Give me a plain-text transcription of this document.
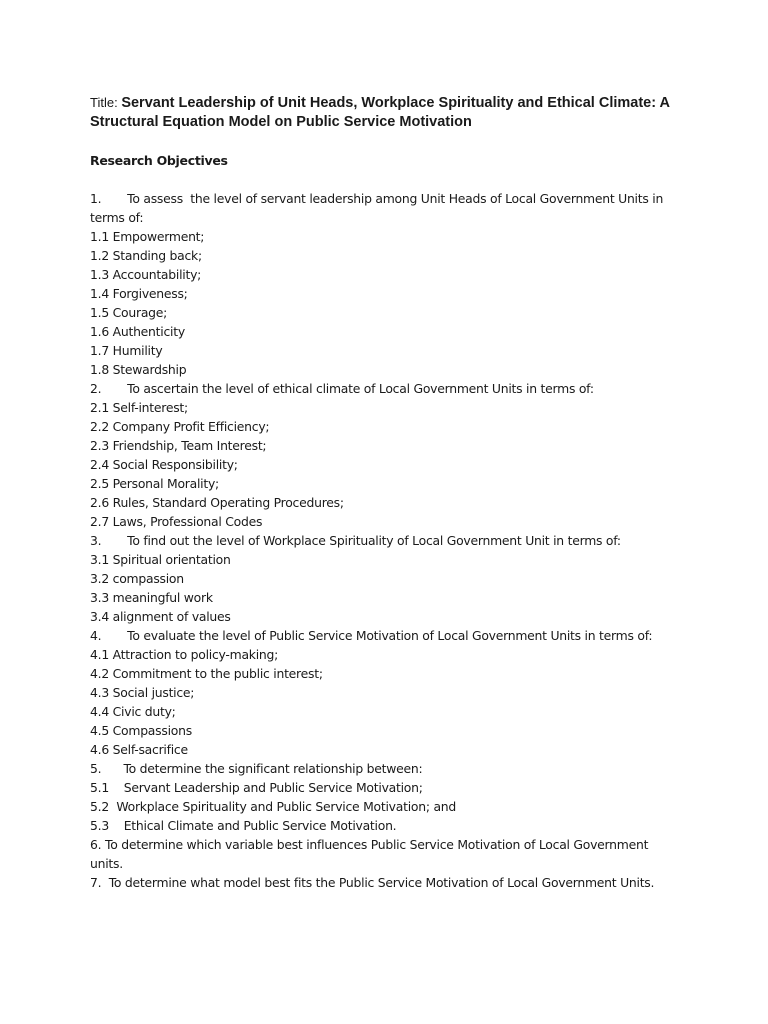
Title: Servant Leadership of Unit Heads, Workplace Spirituality and Ethical Climate: A Structural Equation Model on Public Service Motivation

Research Objectives

1.       To assess  the level of servant leadership among Unit Heads of Local Government Units in terms of:

1.1 Empowerment;

1.2 Standing back;

1.3 Accountability;

1.4 Forgiveness;

1.5 Courage;

1.6 Authenticity

1.7 Humility

1.8 Stewardship

2.       To ascertain the level of ethical climate of Local Government Units in terms of:

2.1 Self-interest;

2.2 Company Profit Efficiency;

2.3 Friendship, Team Interest;

2.4 Social Responsibility;

2.5 Personal Morality;

2.6 Rules, Standard Operating Procedures;

2.7 Laws, Professional Codes

3.       To find out the level of Workplace Spirituality of Local Government Unit in terms of:

3.1 Spiritual orientation

3.2 compassion

3.3 meaningful work

3.4 alignment of values

4.       To evaluate the level of Public Service Motivation of Local Government Units in terms of:

4.1 Attraction to policy-making;

4.2 Commitment to the public interest;

4.3 Social justice;

4.4 Civic duty;

4.5 Compassions

4.6 Self-sacrifice

5.      To determine the significant relationship between:

5.1    Servant Leadership and Public Service Motivation;

5.2  Workplace Spirituality and Public Service Motivation; and

5.3    Ethical Climate and Public Service Motivation.

6. To determine which variable best influences Public Service Motivation of Local Government units.

7.  To determine what model best fits the Public Service Motivation of Local Government Units.
